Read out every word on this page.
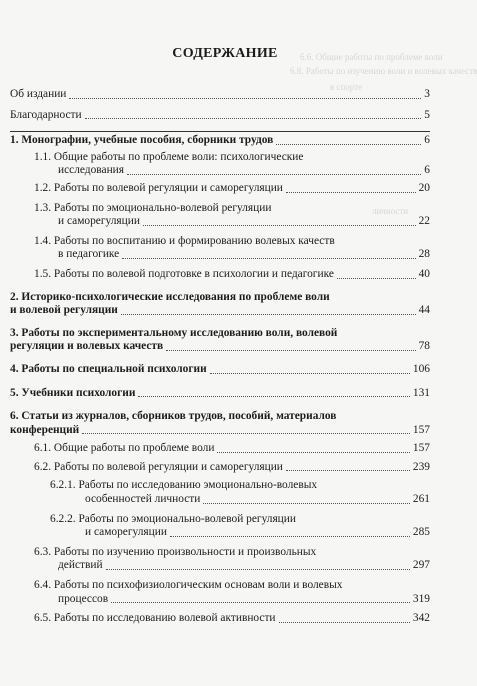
6.6. Общие работы по проблеме воли
6.8. Работы по изучению воли и волевых качеств
в спорте
личности
СОДЕРЖАНИЕ
Об издании	3
Благодарности	5
1. Монографии, учебные пособия, сборники трудов	6
1.1. Общие работы по проблеме воли: психологические
исследования	6
1.2. Работы по волевой регуляции и саморегуляции	20
1.3. Работы по эмоционально-волевой регуляции
и саморегуляции	22
1.4. Работы по воспитанию и формированию волевых качеств
в педагогике	28
1.5. Работы по волевой подготовке в психологии и педагогике	40
2. Историко-психологические исследования по проблеме воли
и волевой регуляции	44
3. Работы по экспериментальному исследованию воли, волевой
регуляции и волевых качеств	78
4. Работы по специальной психологии	106
5. Учебники психологии	131
6. Статьи из журналов, сборников трудов, пособий, материалов
конференций	157
6.1. Общие работы по проблеме воли	157
6.2. Работы по волевой регуляции и саморегуляции	239
6.2.1. Работы по исследованию эмоционально-волевых
особенностей личности	261
6.2.2. Работы по эмоционально-волевой регуляции
и саморегуляции	285
6.3. Работы по изучению произвольности и произвольных
действий	297
6.4. Работы по психофизиологическим основам воли и волевых
процессов	319
6.5. Работы по исследованию волевой активности	342
